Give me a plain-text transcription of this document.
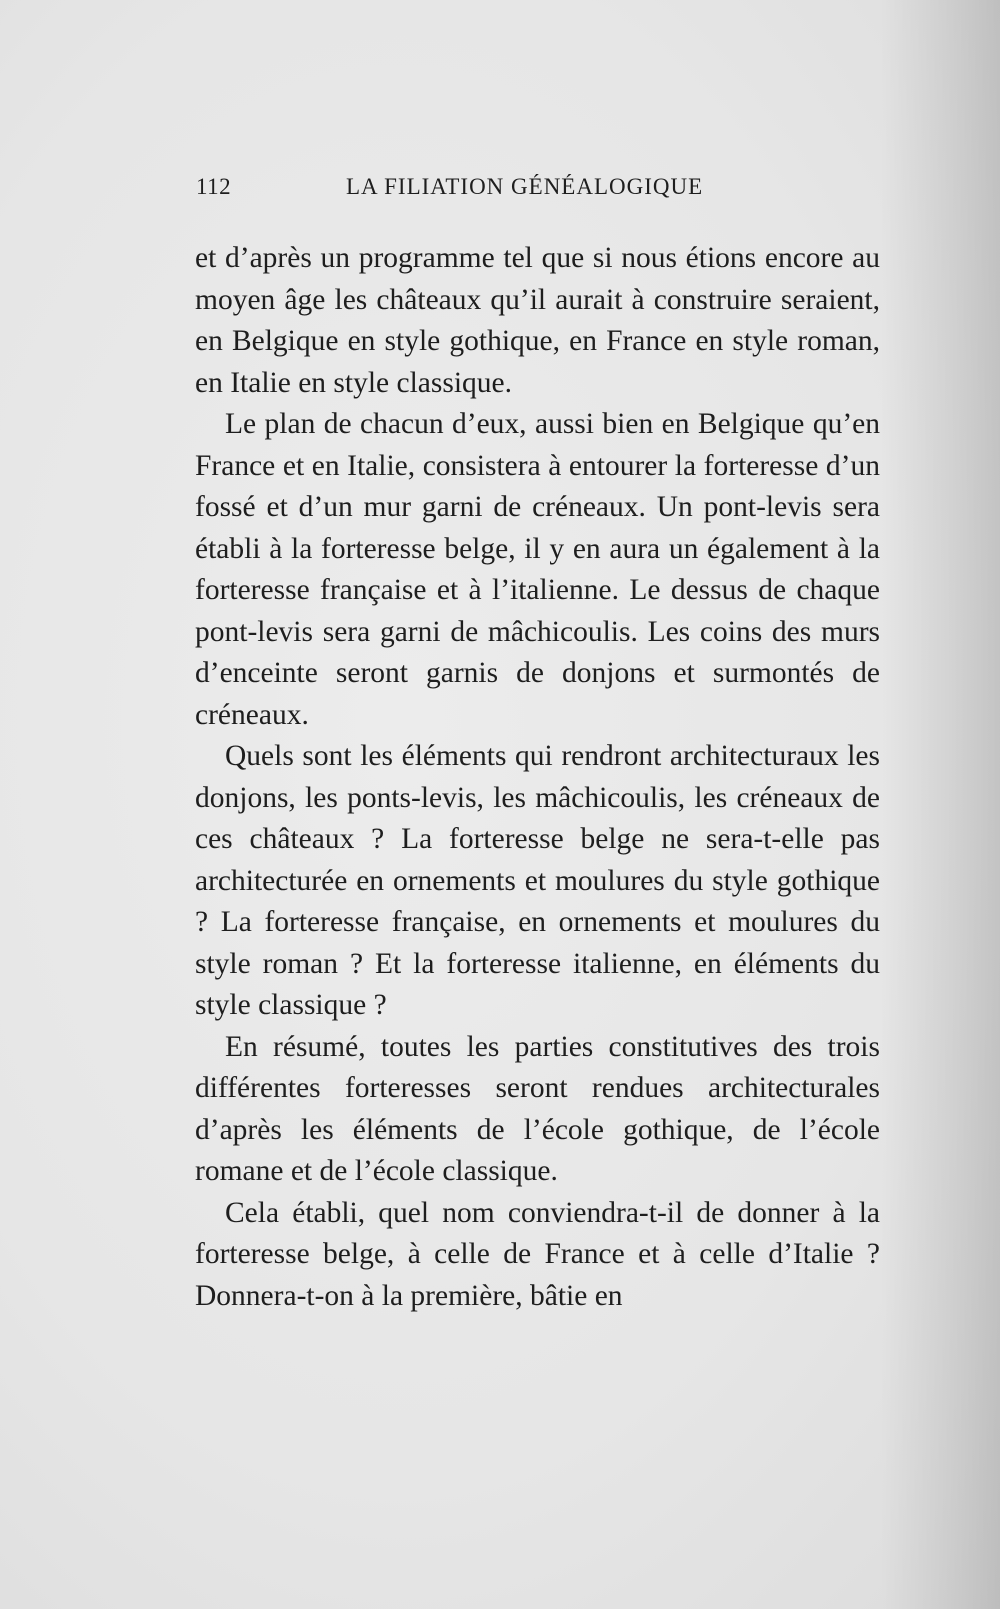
112	LA FILIATION GÉNÉALOGIQUE

et d’après un programme tel que si nous étions encore au moyen âge les châteaux qu’il aurait à construire seraient, en Belgique en style gothique, en France en style roman, en Italie en style classique.

Le plan de chacun d’eux, aussi bien en Belgique qu’en France et en Italie, consistera à entourer la forteresse d’un fossé et d’un mur garni de créneaux. Un pont-levis sera établi à la forteresse belge, il y en aura un également à la forteresse française et à l’italienne. Le dessus de chaque pont-levis sera garni de mâchicoulis. Les coins des murs d’enceinte seront garnis de donjons et surmontés de créneaux.

Quels sont les éléments qui rendront architecturaux les donjons, les ponts-levis, les mâchicoulis, les créneaux de ces châteaux ? La forteresse belge ne sera-t-elle pas architecturée en ornements et moulures du style gothique ? La forteresse française, en ornements et moulures du style roman ? Et la forteresse italienne, en éléments du style classique ?

En résumé, toutes les parties constitutives des trois différentes forteresses seront rendues architecturales d’après les éléments de l’école gothique, de l’école romane et de l’école classique.

Cela établi, quel nom conviendra-t-il de donner à la forteresse belge, à celle de France et à celle d’Italie ? Donnera-t-on à la première, bâtie en
